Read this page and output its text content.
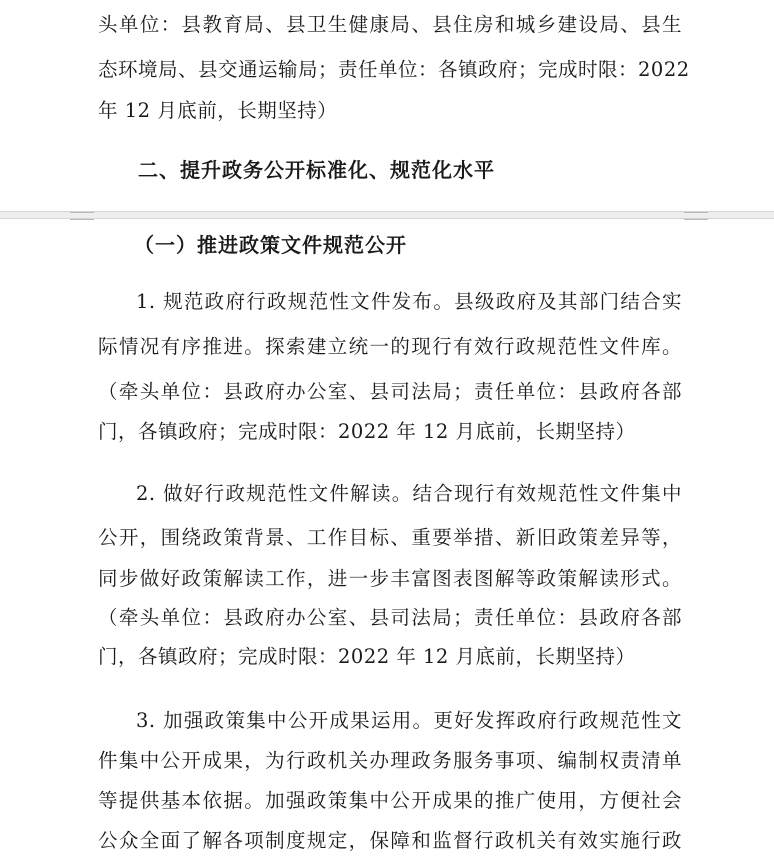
头单位：县教育局、县卫生健康局、县住房和城乡建设局、县生
态环境局、县交通运输局；责任单位：各镇政府；完成时限：2022
年 12 月底前，长期坚持）
二、提升政务公开标准化、规范化水平
（一）推进政策文件规范公开
1. 规范政府行政规范性文件发布。县级政府及其部门结合实
际情况有序推进。探索建立统一的现行有效行政规范性文件库。
（牵头单位：县政府办公室、县司法局；责任单位：县政府各部
门，各镇政府；完成时限：2022 年 12 月底前，长期坚持）
2. 做好行政规范性文件解读。结合现行有效规范性文件集中
公开，围绕政策背景、工作目标、重要举措、新旧政策差异等，
同步做好政策解读工作，进一步丰富图表图解等政策解读形式。
（牵头单位：县政府办公室、县司法局；责任单位：县政府各部
门，各镇政府；完成时限：2022 年 12 月底前，长期坚持）
3. 加强政策集中公开成果运用。更好发挥政府行政规范性文
件集中公开成果，为行政机关办理政务服务事项、编制权责清单
等提供基本依据。加强政策集中公开成果的推广使用，方便社会
公众全面了解各项制度规定，保障和监督行政机关有效实施行政
